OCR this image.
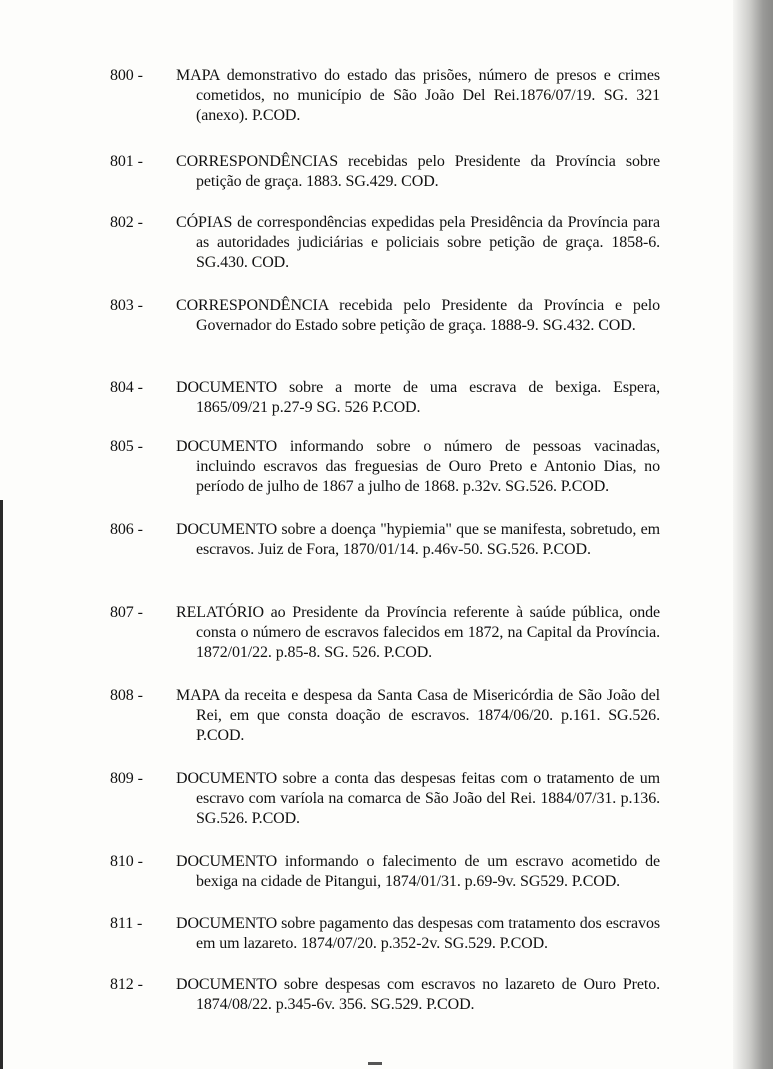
800 - MAPA demonstrativo do estado das prisões, número de presos e crimes cometidos, no município de São João Del Rei.1876/07/19. SG. 321 (anexo). P.COD.
801 - CORRESPONDÊNCIAS recebidas pelo Presidente da Província sobre petição de graça. 1883. SG.429. COD.
802 - CÓPIAS de correspondências expedidas pela Presidência da Província para as autoridades judiciárias e policiais sobre petição de graça. 1858-6. SG.430. COD.
803 - CORRESPONDÊNCIA recebida pelo Presidente da Província e pelo Governador do Estado sobre petição de graça. 1888-9. SG.432. COD.
804 - DOCUMENTO sobre a morte de uma escrava de bexiga. Espera, 1865/09/21 p.27-9 SG. 526 P.COD.
805 - DOCUMENTO informando sobre o número de pessoas vacinadas, incluindo escravos das freguesias de Ouro Preto e Antonio Dias, no período de julho de 1867 a julho de 1868. p.32v. SG.526. P.COD.
806 - DOCUMENTO sobre a doença "hypiemia" que se manifesta, sobretudo, em escravos. Juiz de Fora, 1870/01/14. p.46v-50. SG.526. P.COD.
807 - RELATÓRIO ao Presidente da Província referente à saúde pública, onde consta o número de escravos falecidos em 1872, na Capital da Província. 1872/01/22. p.85-8. SG. 526. P.COD.
808 - MAPA da receita e despesa da Santa Casa de Misericórdia de São João del Rei, em que consta doação de escravos. 1874/06/20. p.161. SG.526. P.COD.
809 - DOCUMENTO sobre a conta das despesas feitas com o tratamento de um escravo com varíola na comarca de São João del Rei. 1884/07/31. p.136. SG.526. P.COD.
810 - DOCUMENTO informando o falecimento de um escravo acometido de bexiga na cidade de Pitangui, 1874/01/31. p.69-9v. SG529. P.COD.
811 - DOCUMENTO sobre pagamento das despesas com tratamento dos escravos em um lazareto. 1874/07/20. p.352-2v. SG.529. P.COD.
812 - DOCUMENTO sobre despesas com escravos no lazareto de Ouro Preto. 1874/08/22. p.345-6v. 356. SG.529. P.COD.
